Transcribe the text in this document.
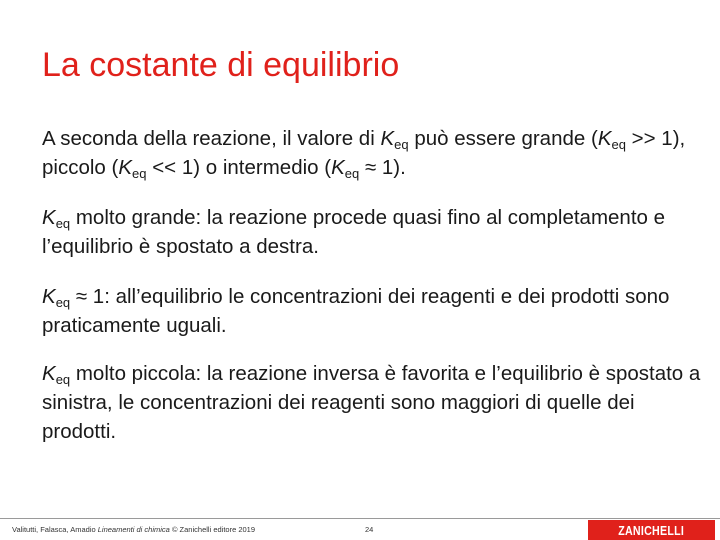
La costante di equilibrio
A seconda della reazione, il valore di $K_{eq}$ può essere grande $(K_{eq} >> 1)$, piccolo $(K_{eq} << 1)$ o intermedio $(K_{eq} \approx 1)$.
$K_{eq}$ molto grande: la reazione procede quasi fino al completamento e l’equilibrio è spostato a destra.
$K_{eq} \approx 1$: all’equilibrio le concentrazioni dei reagenti e dei prodotti sono praticamente uguali.
$K_{eq}$ molto piccola: la reazione inversa è favorita e l’equilibrio è spostato a sinistra, le concentrazioni dei reagenti sono maggiori di quelle dei prodotti.
Valitutti, Falasca, Amadio Lineamenti di chimica © Zanichelli editore 2019	24	ZANICHELLI
